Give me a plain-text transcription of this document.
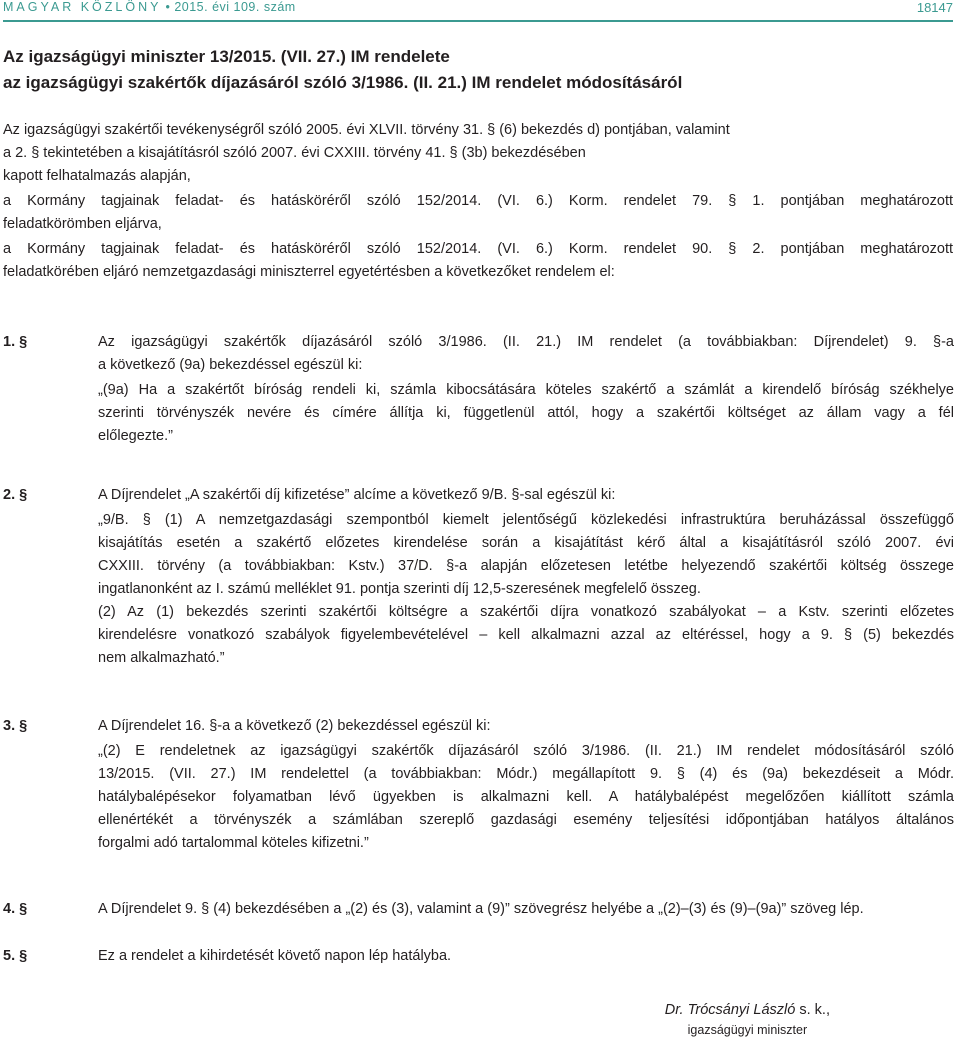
MAGYAR KÖZLÖNY • 2015. évi 109. szám	18147
Az igazságügyi miniszter 13/2015. (VII. 27.) IM rendelete
az igazságügyi szakértők díjazásáról szóló 3/1986. (II. 21.) IM rendelet módosításáról
Az igazságügyi szakértői tevékenységről szóló 2005. évi XLVII. törvény 31. § (6) bekezdés d) pontjában, valamint
a 2. § tekintetében a kisajátításról szóló 2007. évi CXXIII. törvény 41. § (3b) bekezdésében
kapott felhatalmazás alapján,
a Kormány tagjainak feladat- és hatásköréről szóló 152/2014. (VI. 6.) Korm. rendelet 79. § 1. pontjában meghatározott
feladatkörömben eljárva,
a Kormány tagjainak feladat- és hatásköréről szóló 152/2014. (VI. 6.) Korm. rendelet 90. § 2. pontjában meghatározott
feladatkörében eljáró nemzetgazdasági miniszterrel egyetértésben a következőket rendelem el:
1. §	Az igazságügyi szakértők díjazásáról szóló 3/1986. (II. 21.) IM rendelet (a továbbiakban: Díjrendelet) 9. §-a
a következő (9a) bekezdéssel egészül ki:
„(9a) Ha a szakértőt bíróság rendeli ki, számla kibocsátására köteles szakértő a számlát a kirendelő bíróság székhelye
szerinti törvényszék nevére és címére állítja ki, függetlenül attól, hogy a szakértői költséget az állam vagy a fél
előlegezte.”
2. §	A Díjrendelet „A szakértői díj kifizetése” alcíme a következő 9/B. §-sal egészül ki:
„9/B. § (1) A nemzetgazdasági szempontból kiemelt jelentőségű közlekedési infrastruktúra beruházással összefüggő
kisajátítás esetén a szakértő előzetes kirendelése során a kisajátítást kérő által a kisajátításról szóló 2007. évi
CXXIII. törvény (a továbbiakban: Kstv.) 37/D. §-a alapján előzetesen letétbe helyezendő szakértői költség összege
ingatlanonként az I. számú melléklet 91. pontja szerinti díj 12,5-szeresének megfelelő összeg.
(2) Az (1) bekezdés szerinti szakértői költségre a szakértői díjra vonatkozó szabályokat – a Kstv. szerinti előzetes
kirendelésre vonatkozó szabályok figyelembevételével – kell alkalmazni azzal az eltéréssel, hogy a 9. § (5) bekezdés
nem alkalmazható.”
3. §	A Díjrendelet 16. §-a a következő (2) bekezdéssel egészül ki:
„(2) E rendeletnek az igazságügyi szakértők díjazásáról szóló 3/1986. (II. 21.) IM rendelet módosításáról szóló
13/2015. (VII. 27.) IM rendelettel (a továbbiakban: Módr.) megállapított 9. § (4) és (9a) bekezdéseit a Módr.
hatálybalépésekor folyamatban lévő ügyekben is alkalmazni kell. A hatálybalépést megelőzően kiállított számla
ellenértékét a törvényszék a számlában szereplő gazdasági esemény teljesítési időpontjában hatályos általános
forgalmi adó tartalommal köteles kifizetni.”
4. §	A Díjrendelet 9. § (4) bekezdésében a „(2) és (3), valamint a (9)” szövegrész helyébe a „(2)–(3) és (9)–(9a)” szöveg lép.
5. §	Ez a rendelet a kihirdetését követő napon lép hatályba.
Dr. Trócsányi László s. k.,
igazságügyi miniszter
